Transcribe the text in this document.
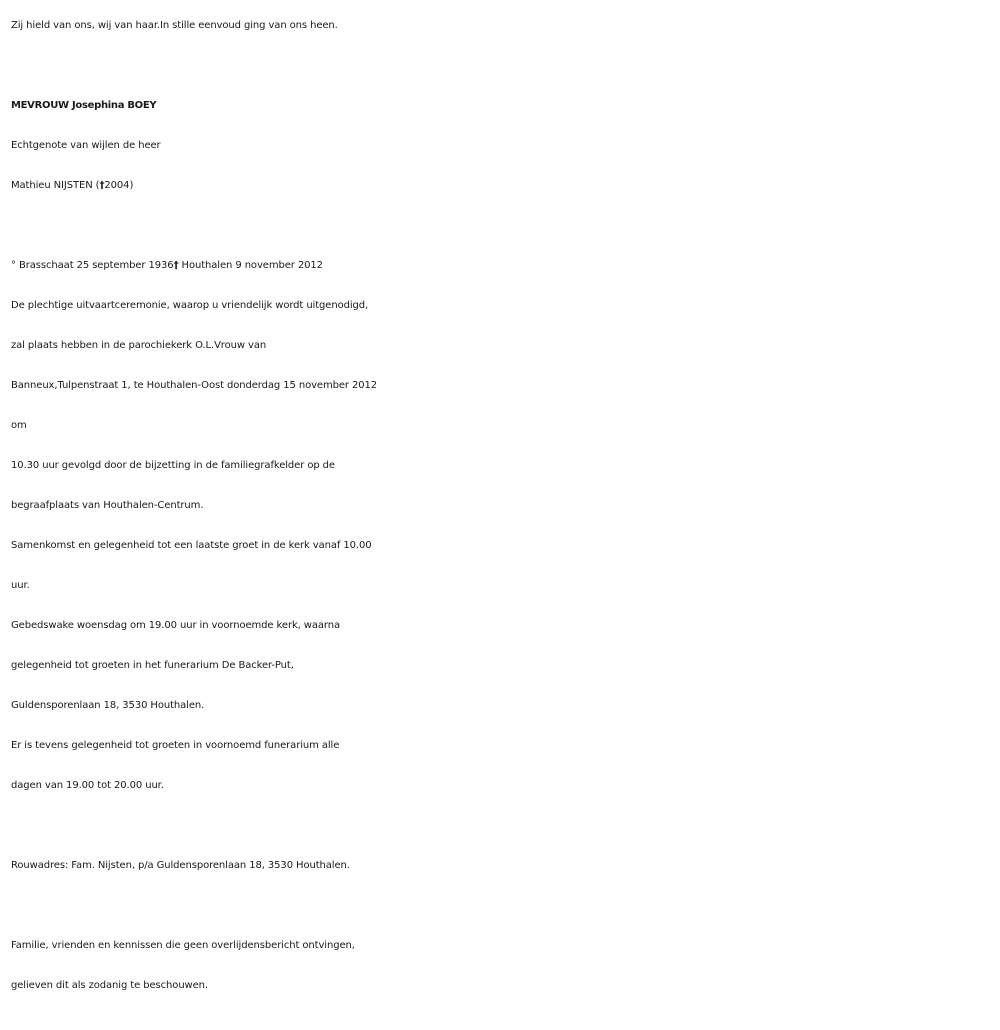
Zij hield van ons, wij van haar.In stille eenvoud ging van ons heen.
MEVROUW Josephina BOEY
Echtgenote van wijlen de heer
Mathieu NIJSTEN (†2004)
° Brasschaat 25 september 1936† Houthalen 9 november 2012
De plechtige uitvaartceremonie, waarop u vriendelijk wordt uitgenodigd,
zal plaats hebben in de parochiekerk O.L.Vrouw van
Banneux,Tulpenstraat 1, te Houthalen-Oost donderdag 15 november 2012
om
10.30 uur gevolgd door de bijzetting in de familiegrafkelder op de
begraafplaats van Houthalen-Centrum.
Samenkomst en gelegenheid tot een laatste groet in de kerk vanaf 10.00
uur.
Gebedswake woensdag om 19.00 uur in voornoemde kerk, waarna
gelegenheid tot groeten in het funerarium De Backer-Put,
Guldensporenlaan 18, 3530 Houthalen.
Er is tevens gelegenheid tot groeten in voornoemd funerarium alle
dagen van 19.00 tot 20.00 uur.
Rouwadres: Fam. Nijsten, p/a Guldensporenlaan 18, 3530 Houthalen.
Familie, vrienden en kennissen die geen overlijdensbericht ontvingen,
gelieven dit als zodanig te beschouwen.
